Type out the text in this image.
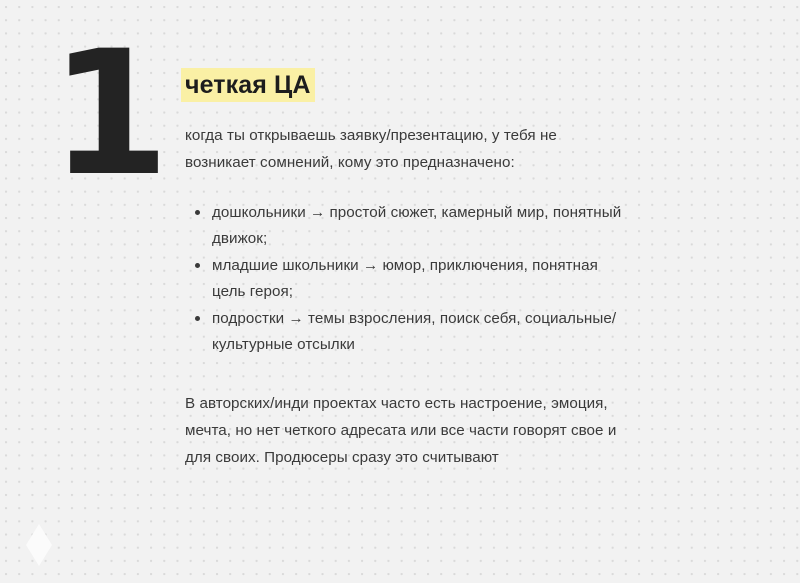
1 четкая ЦА

когда ты открываешь заявку/презентацию, у тебя не возникает сомнений, кому это предназначено:

дошкольники → простой сюжет, камерный мир, понятный движок;
младшие школьники → юмор, приключения, понятная цель героя;
подростки → темы взросления, поиск себя, социальные/культурные отсылки

В авторских/инди проектах часто есть настроение, эмоция, мечта, но нет четкого адресата или все части говорят свое и для своих. Продюсеры сразу это считывают
